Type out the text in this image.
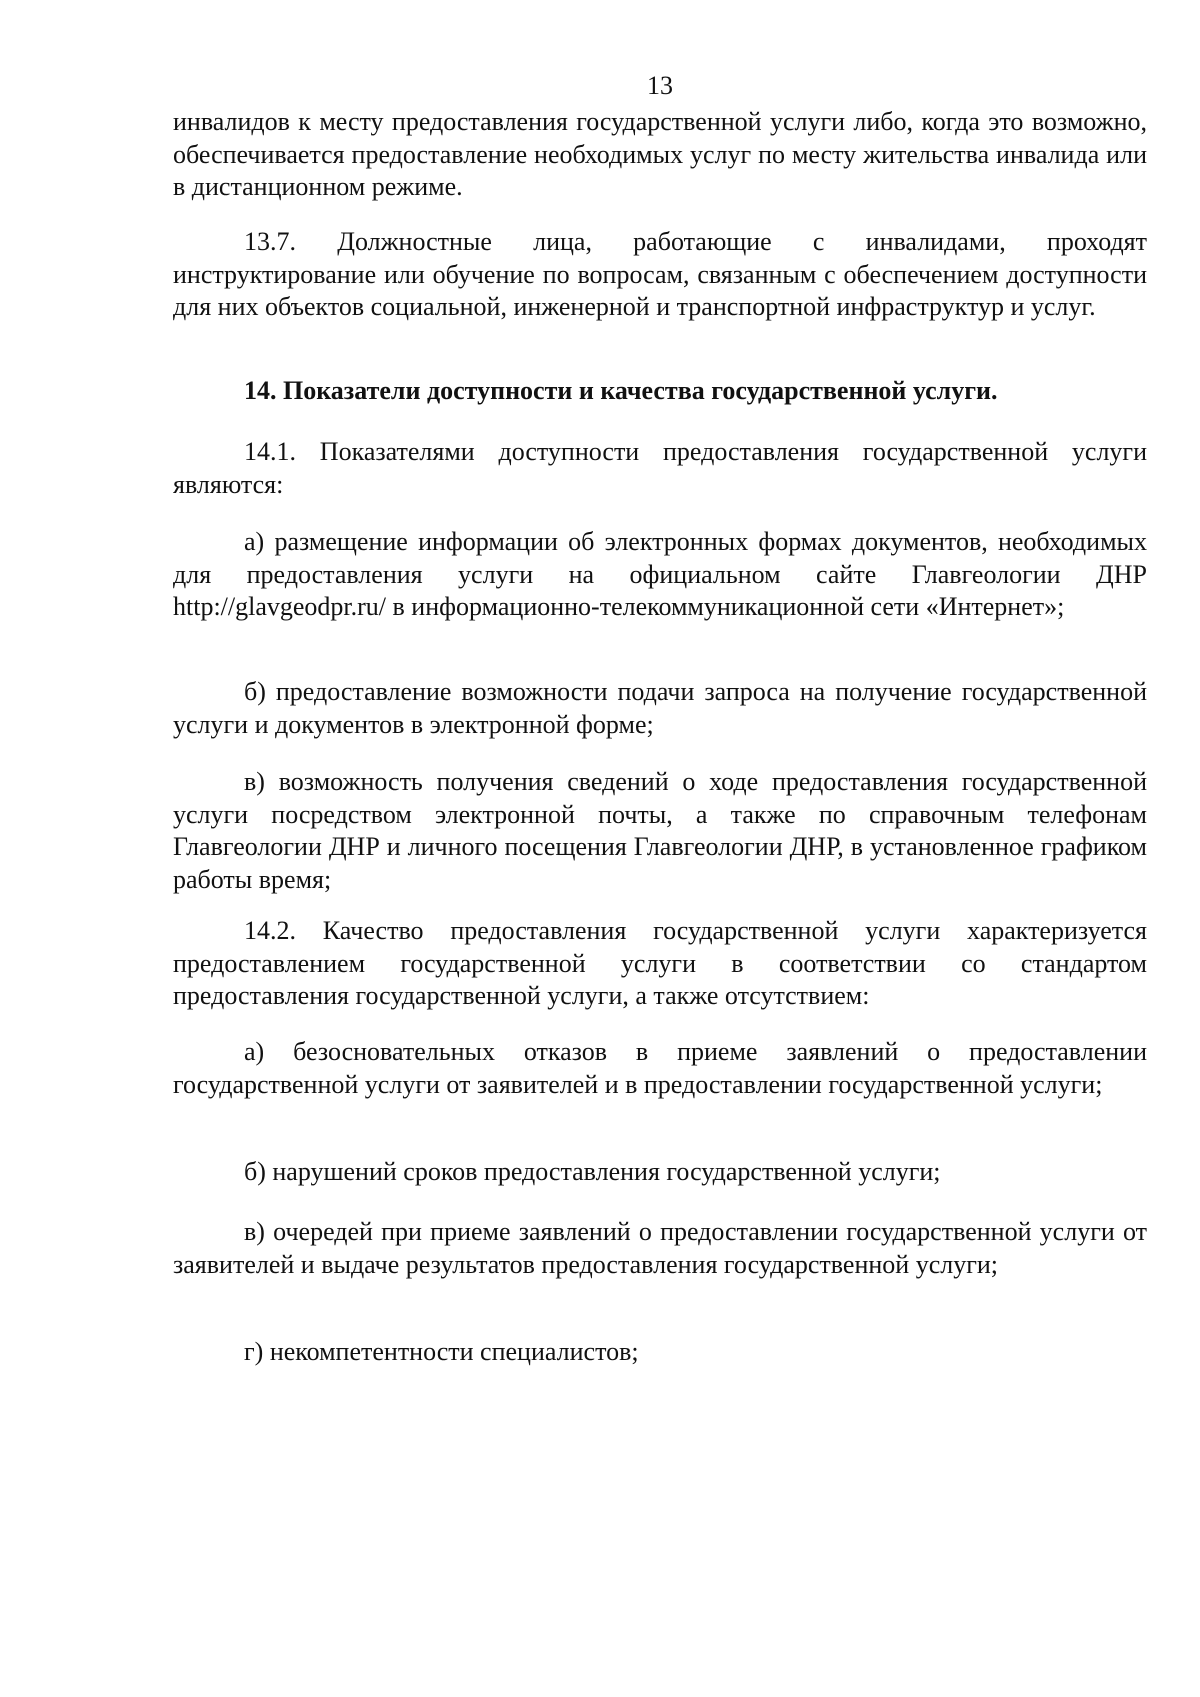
13

инвалидов к месту предоставления государственной услуги либо, когда это возможно, обеспечивается предоставление необходимых услуг по месту жительства инвалида или в дистанционном режиме.

13.7. Должностные лица, работающие с инвалидами, проходят инструктирование или обучение по вопросам, связанным с обеспечением доступности для них объектов социальной, инженерной и транспортной инфраструктур и услуг.

14. Показатели доступности и качества государственной услуги.

14.1. Показателями доступности предоставления государственной услуги являются:

а) размещение информации об электронных формах документов, необходимых для предоставления услуги на официальном сайте Главгеологии ДНР http://glavgeodpr.ru/ в информационно-телекоммуникационной сети «Интернет»;

б) предоставление возможности подачи запроса на получение государственной услуги и документов в электронной форме;

в) возможность получения сведений о ходе предоставления государственной услуги посредством электронной почты, а также по справочным телефонам Главгеологии ДНР и личного посещения Главгеологии ДНР, в установленное графиком работы время;

14.2. Качество предоставления государственной услуги характеризуется предоставлением государственной услуги в соответствии со стандартом предоставления государственной услуги, а также отсутствием:

а) безосновательных отказов в приеме заявлений о предоставлении государственной услуги от заявителей и в предоставлении государственной услуги;

б) нарушений сроков предоставления государственной услуги;

в) очередей при приеме заявлений о предоставлении государственной услуги от заявителей и выдаче результатов предоставления государственной услуги;

г) некомпетентности специалистов;
